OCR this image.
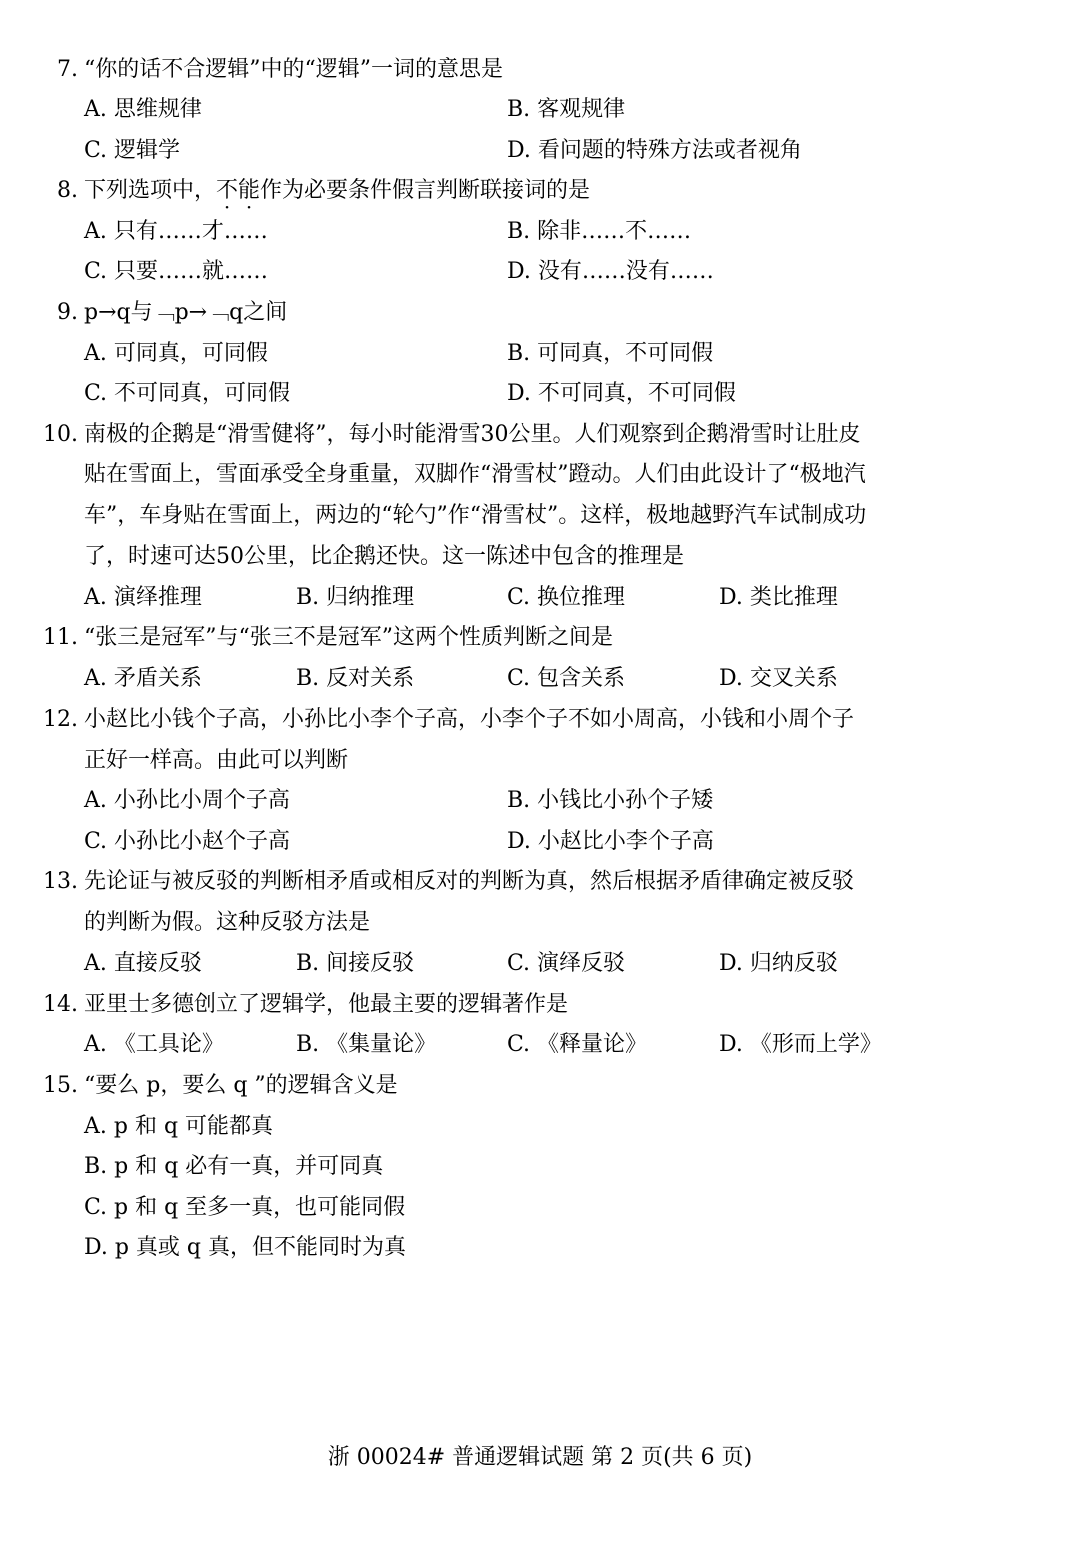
7. “你的话不合逻辑”中的“逻辑”一词的意思是
A. 思维规律	B. 客观规律
C. 逻辑学	D. 看问题的特殊方法或者视角
8. 下列选项中，不能作为必要条件假言判断联接词的是
A. 只有……才……	B. 除非……不……
C. 只要……就……	D. 没有……没有……
9. p→q与﹁p→﹁q之间
A. 可同真，可同假	B. 可同真，不可同假
C. 不可同真，可同假	D. 不可同真，不可同假
10. 南极的企鹅是“滑雪健将”，每小时能滑雪30公里。人们观察到企鹅滑雪时让肚皮
贴在雪面上，雪面承受全身重量，双脚作“滑雪杖”蹬动。人们由此设计了“极地汽
车”，车身贴在雪面上，两边的“轮勺”作“滑雪杖”。这样，极地越野汽车试制成功
了，时速可达50公里，比企鹅还快。这一陈述中包含的推理是
A. 演绎推理	B. 归纳推理	C. 换位推理	D. 类比推理
11. “张三是冠军”与“张三不是冠军”这两个性质判断之间是
A. 矛盾关系	B. 反对关系	C. 包含关系	D. 交叉关系
12. 小赵比小钱个子高，小孙比小李个子高，小李个子不如小周高，小钱和小周个子
正好一样高。由此可以判断
A. 小孙比小周个子高	B. 小钱比小孙个子矮
C. 小孙比小赵个子高	D. 小赵比小李个子高
13. 先论证与被反驳的判断相矛盾或相反对的判断为真，然后根据矛盾律确定被反驳
的判断为假。这种反驳方法是
A. 直接反驳	B. 间接反驳	C. 演绎反驳	D. 归纳反驳
14. 亚里士多德创立了逻辑学，他最主要的逻辑著作是
A. 《工具论》	B. 《集量论》	C. 《释量论》	D. 《形而上学》
15. “要么 p，要么 q ”的逻辑含义是
A. p 和 q 可能都真
B. p 和 q 必有一真，并可同真
C. p 和 q 至多一真，也可能同假
D. p 真或 q 真，但不能同时为真
浙 00024# 普通逻辑试题 第 2 页(共 6 页)
